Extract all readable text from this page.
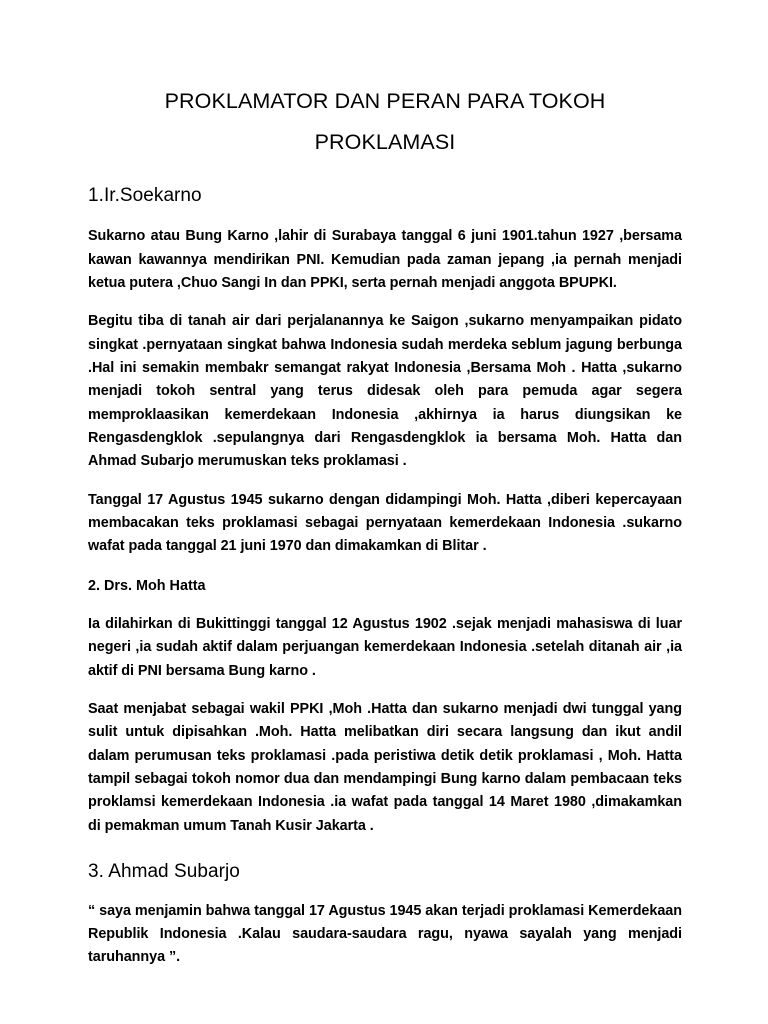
PROKLAMATOR DAN PERAN PARA TOKOH
PROKLAMASI
1.Ir.Soekarno

Sukarno atau Bung Karno ,lahir di Surabaya tanggal 6 juni 1901.tahun 1927 ,bersama kawan kawannya mendirikan PNI. Kemudian pada zaman jepang ,ia pernah menjadi ketua putera ,Chuo Sangi In dan PPKI, serta pernah menjadi anggota BPUPKI.

Begitu tiba di tanah air dari perjalanannya ke Saigon ,sukarno menyampaikan pidato singkat .pernyataan singkat bahwa Indonesia sudah merdeka seblum jagung berbunga .Hal ini semakin membakr semangat rakyat Indonesia ,Bersama Moh . Hatta ,sukarno menjadi tokoh sentral yang terus didesak oleh para pemuda agar segera memproklaasikan kemerdekaan Indonesia ,akhirnya ia harus diungsikan ke Rengasdengklok .sepulangnya dari Rengasdengklok ia bersama Moh. Hatta dan Ahmad Subarjo merumuskan teks proklamasi .

Tanggal 17 Agustus 1945 sukarno dengan didampingi Moh. Hatta ,diberi kepercayaan membacakan teks proklamasi sebagai pernyataan kemerdekaan Indonesia .sukarno wafat pada tanggal 21 juni 1970 dan dimakamkan di Blitar .

2. Drs. Moh Hatta

Ia dilahirkan di Bukittinggi tanggal 12 Agustus 1902 .sejak menjadi mahasiswa di luar negeri ,ia sudah aktif dalam perjuangan kemerdekaan Indonesia .setelah ditanah air ,ia aktif di PNI bersama Bung karno .

Saat menjabat sebagai wakil PPKI ,Moh .Hatta dan sukarno menjadi dwi tunggal yang sulit untuk dipisahkan .Moh. Hatta melibatkan diri secara langsung dan ikut andil dalam perumusan teks proklamasi .pada peristiwa detik detik proklamasi , Moh. Hatta tampil sebagai tokoh nomor dua dan mendampingi Bung karno dalam pembacaan teks proklamsi kemerdekaan Indonesia .ia wafat pada tanggal 14 Maret 1980 ,dimakamkan di pemakman umum Tanah Kusir Jakarta .

3. Ahmad Subarjo

“ saya menjamin bahwa tanggal 17 Agustus 1945 akan terjadi proklamasi Kemerdekaan Republik Indonesia .Kalau saudara-saudara ragu, nyawa sayalah yang menjadi taruhannya ”.
